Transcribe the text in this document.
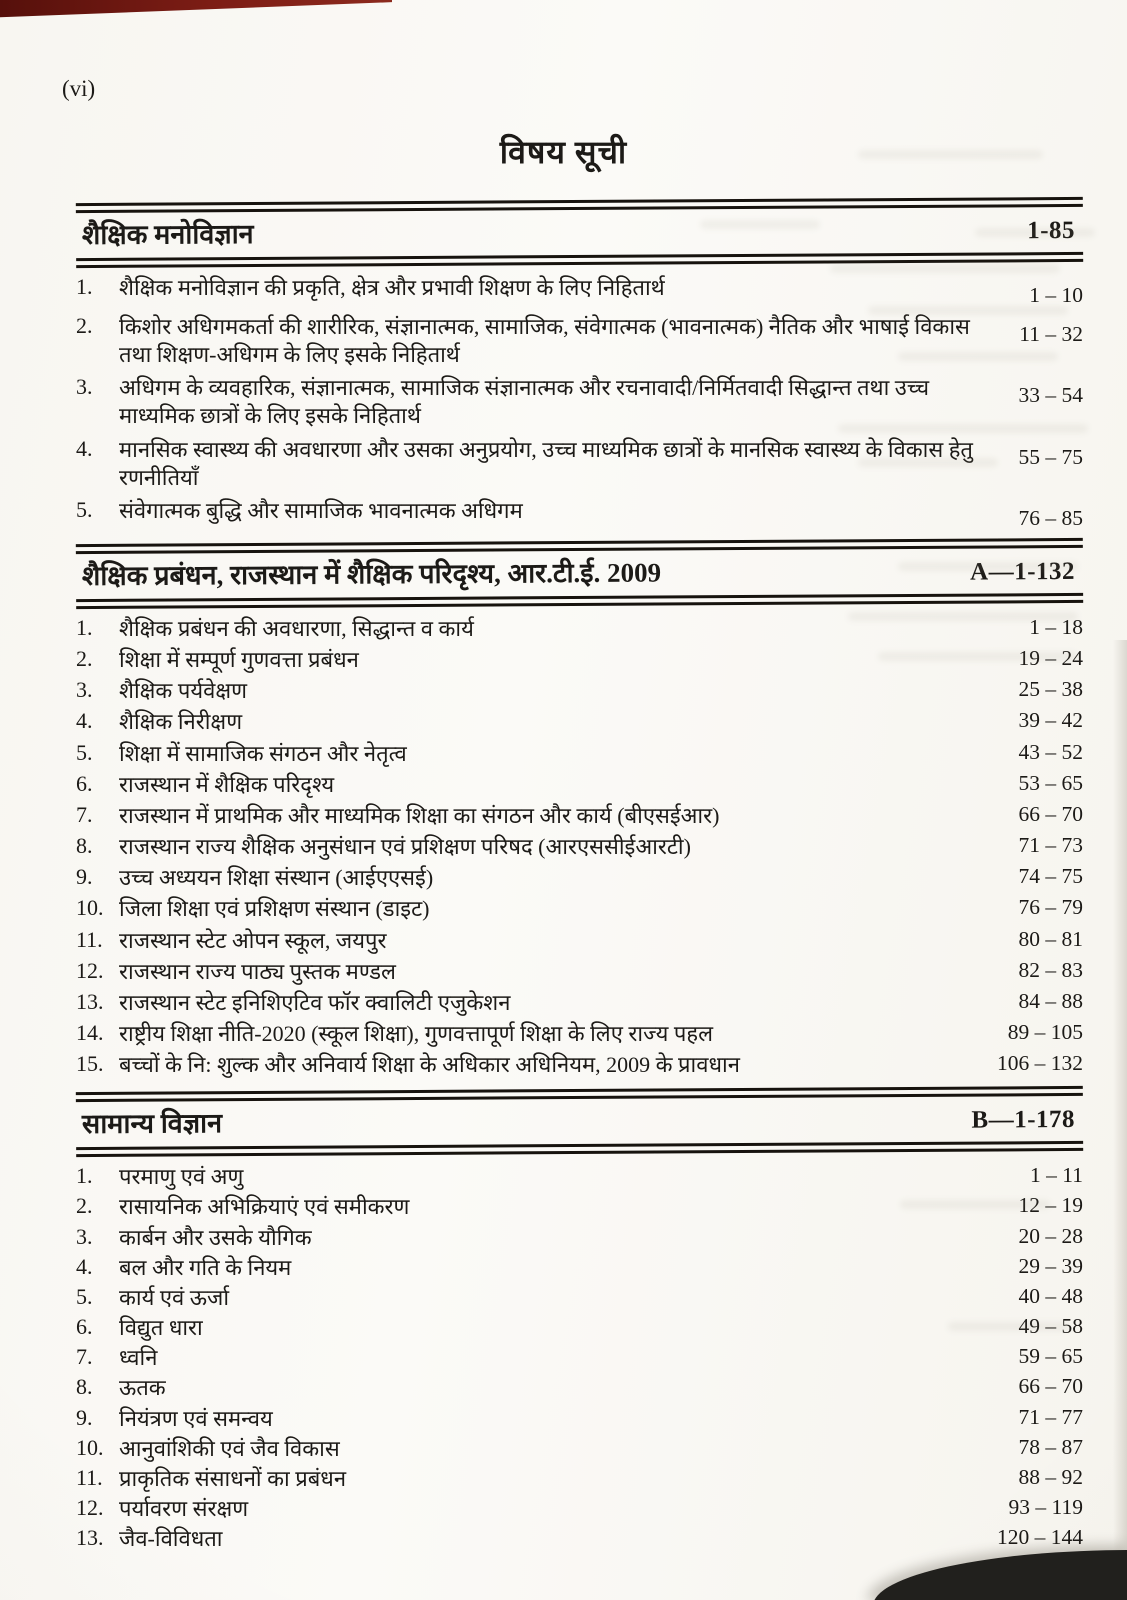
(vi)
विषय सूची
शैक्षिक मनोविज्ञान	1-85
1.	शैक्षिक मनोविज्ञान की प्रकृति, क्षेत्र और प्रभावी शिक्षण के लिए निहितार्थ	1 – 10
2.	किशोर अधिगमकर्ता की शारीरिक, संज्ञानात्मक, सामाजिक, संवेगात्मक (भावनात्मक) नैतिक और भाषाई विकास तथा शिक्षण-अधिगम के लिए इसके निहितार्थ
11 – 32
3.	अधिगम के व्यवहारिक, संज्ञानात्मक, सामाजिक संज्ञानात्मक और रचनावादी/निर्मितवादी सिद्धान्त तथा उच्च माध्यमिक छात्रों के लिए इसके निहितार्थ
33 – 54
4.	मानसिक स्वास्थ्य की अवधारणा और उसका अनुप्रयोग, उच्च माध्यमिक छात्रों के मानसिक स्वास्थ्य के विकास हेतु रणनीतियाँ
55 – 75
5.	संवेगात्मक बुद्धि और सामाजिक भावनात्मक अधिगम	76 – 85
शैक्षिक प्रबंधन, राजस्थान में शैक्षिक परिदृश्य, आर.टी.ई. 2009	A—1-132
1.	शैक्षिक प्रबंधन की अवधारणा, सिद्धान्त व कार्य	1 – 18
2.	शिक्षा में सम्पूर्ण गुणवत्ता प्रबंधन	19 – 24
3.	शैक्षिक पर्यवेक्षण	25 – 38
4.	शैक्षिक निरीक्षण	39 – 42
5.	शिक्षा में सामाजिक संगठन और नेतृत्व	43 – 52
6.	राजस्थान में शैक्षिक परिदृश्य	53 – 65
7.	राजस्थान में प्राथमिक और माध्यमिक शिक्षा का संगठन और कार्य (बीएसईआर)	66 – 70
8.	राजस्थान राज्य शैक्षिक अनुसंधान एवं प्रशिक्षण परिषद (आरएससीईआरटी)	71 – 73
9.	उच्च अध्ययन शिक्षा संस्थान (आईएएसई)	74 – 75
10. जिला शिक्षा एवं प्रशिक्षण संस्थान (डाइट)	76 – 79
11. राजस्थान स्टेट ओपन स्कूल, जयपुर	80 – 81
12. राजस्थान राज्य पाठ्य पुस्तक मण्डल	82 – 83
13. राजस्थान स्टेट इनिशिएटिव फॉर क्वालिटी एजुकेशन	84 – 88
14. राष्ट्रीय शिक्षा नीति-2020 (स्कूल शिक्षा), गुणवत्तापूर्ण शिक्षा के लिए राज्य पहल	89 – 105
15. बच्चों के नि: शुल्क और अनिवार्य शिक्षा के अधिकार अधिनियम, 2009 के प्रावधान	106 – 132
सामान्य विज्ञान	B—1-178
1.	परमाणु एवं अणु	1 – 11
2.	रासायनिक अभिक्रियाएं एवं समीकरण	12 – 19
3.	कार्बन और उसके यौगिक	20 – 28
4.	बल और गति के नियम	29 – 39
5.	कार्य एवं ऊर्जा	40 – 48
6.	विद्युत धारा	49 – 58
7.	ध्वनि	59 – 65
8.	ऊतक	66 – 70
9.	नियंत्रण एवं समन्वय	71 – 77
10. आनुवांशिकी एवं जैव विकास	78 – 87
11. प्राकृतिक संसाधनों का प्रबंधन	88 – 92
12. पर्यावरण संरक्षण	93 – 119
13. जैव-विविधता	120 – 144
